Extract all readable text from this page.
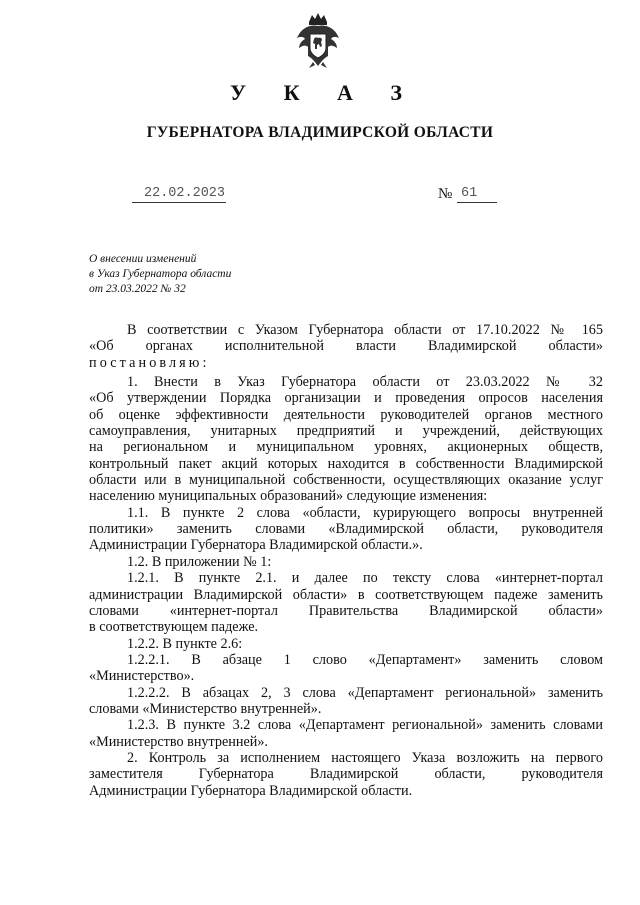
У К А З
ГУБЕРНАТОРА ВЛАДИМИРСКОЙ ОБЛАСТИ
22.02.2023	№ 61
О внесении изменений
в Указ Губернатора области
от 23.03.2022 № 32
В соответствии с Указом Губернатора области от 17.10.2022 № 165
«Об органах исполнительной власти Владимирской области»
постановляю:
1. Внести в Указ Губернатора области от 23.03.2022 № 32
«Об утверждении Порядка организации и проведения опросов населения
об оценке эффективности деятельности руководителей органов местного
самоуправления, унитарных предприятий и учреждений, действующих
на региональном и муниципальном уровнях, акционерных обществ,
контрольный пакет акций которых находится в собственности Владимирской
области или в муниципальной собственности, осуществляющих оказание услуг
населению муниципальных образований» следующие изменения:
1.1. В пункте 2 слова «области, курирующего вопросы внутренней
политики» заменить словами «Владимирской области, руководителя
Администрации Губернатора Владимирской области.».
1.2. В приложении № 1:
1.2.1. В пункте 2.1. и далее по тексту слова «интернет-портал
администрации Владимирской области» в соответствующем падеже заменить
словами «интернет-портал Правительства Владимирской области»
в соответствующем падеже.
1.2.2. В пункте 2.6:
1.2.2.1. В абзаце 1 слово «Департамент» заменить словом
«Министерство».
1.2.2.2. В абзацах 2, 3 слова «Департамент региональной» заменить
словами «Министерство внутренней».
1.2.3. В пункте 3.2 слова «Департамент региональной» заменить словами
«Министерство внутренней».
2. Контроль за исполнением настоящего Указа возложить на первого
заместителя Губернатора Владимирской области, руководителя
Администрации Губернатора Владимирской области.
